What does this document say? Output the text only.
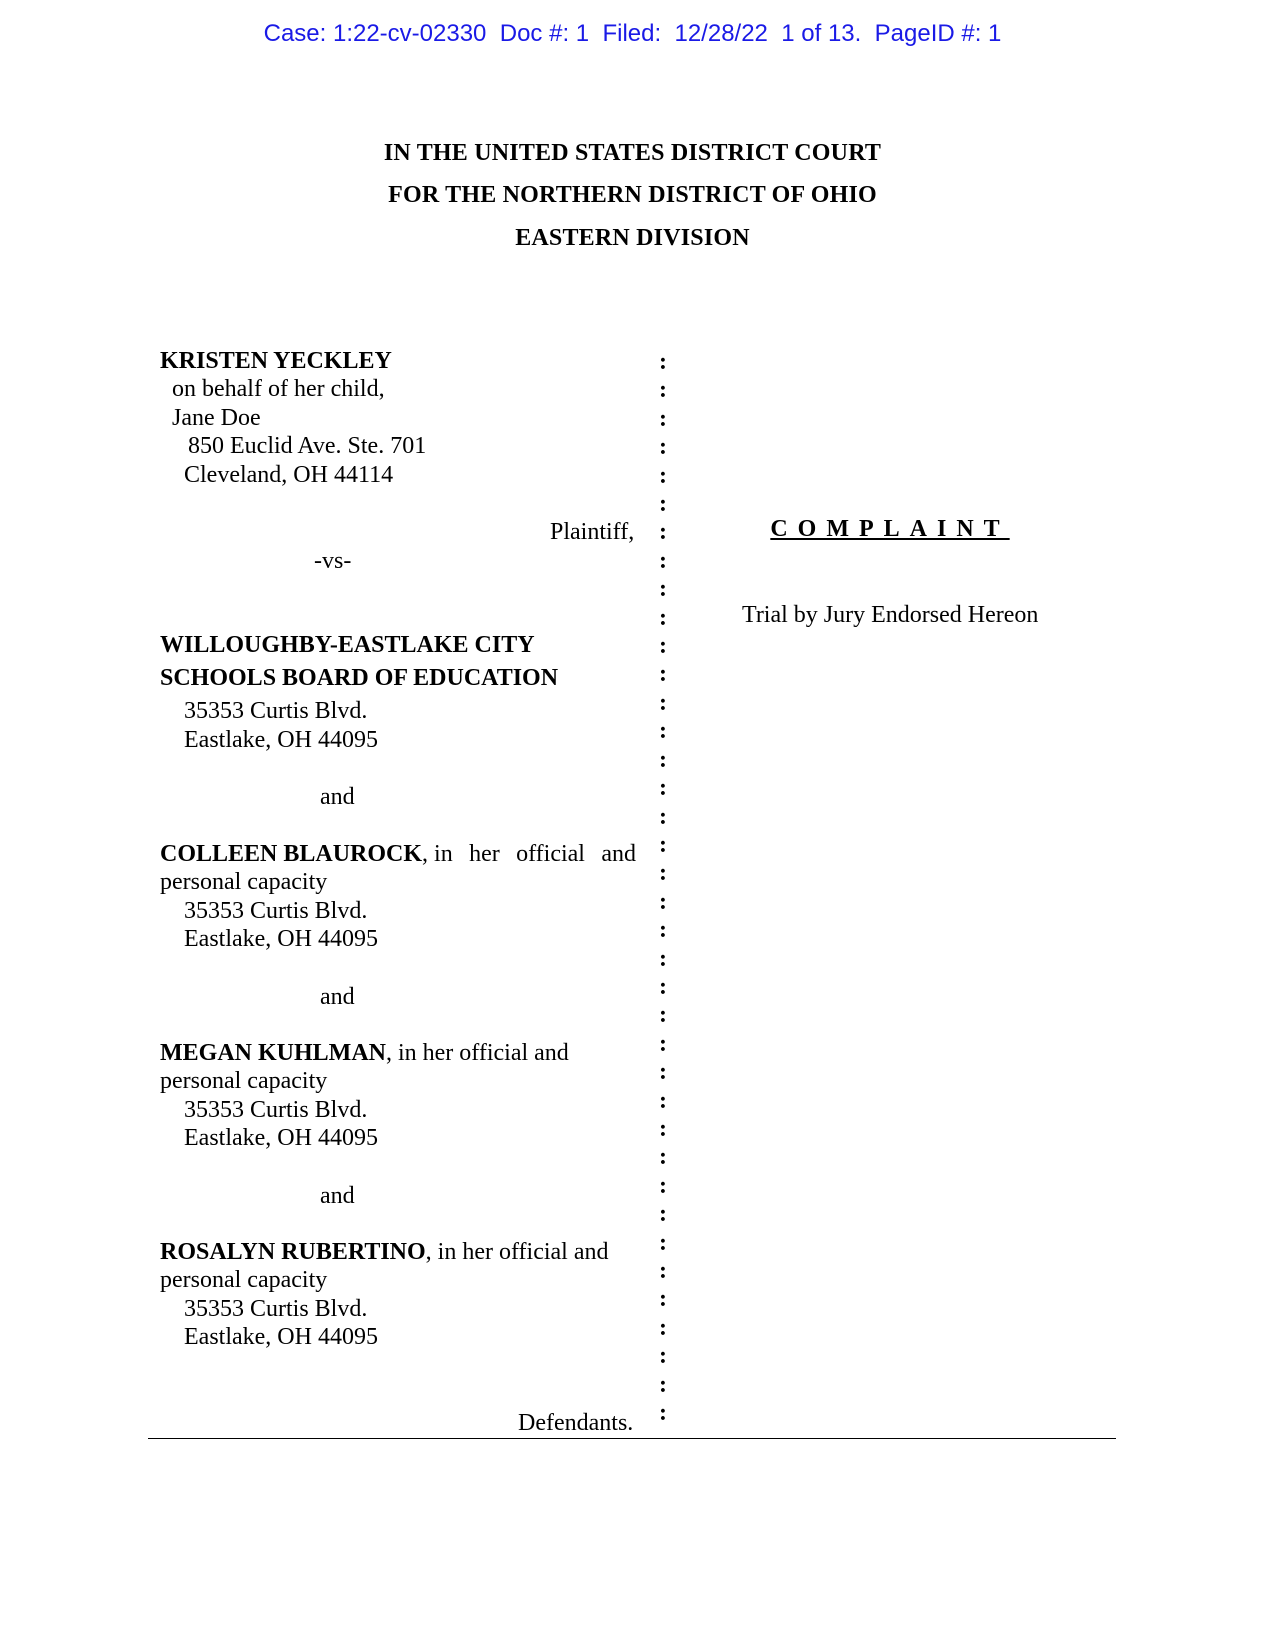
Case: 1:22-cv-02330  Doc #: 1  Filed:  12/28/22  1 of 13.  PageID #: 1
IN THE UNITED STATES DISTRICT COURT
FOR THE NORTHERN DISTRICT OF OHIO
EASTERN DIVISION
KRISTEN YECKLEY
on behalf of her child,
Jane Doe
850 Euclid Ave. Ste. 701
Cleveland, OH 44114
Plaintiff,
-vs-
WILLOUGHBY-EASTLAKE CITY
SCHOOLS BOARD OF EDUCATION
35353 Curtis Blvd.
Eastlake, OH 44095
and
COLLEEN BLAUROCK, in her official and
personal capacity
35353 Curtis Blvd.
Eastlake, OH 44095
and
MEGAN KUHLMAN, in her official and
personal capacity
35353 Curtis Blvd.
Eastlake, OH 44095
and
ROSALYN RUBERTINO, in her official and
personal capacity
35353 Curtis Blvd.
Eastlake, OH 44095
Defendants.
:
:
:
:
:
:
:
:
:
:
:
:
:
:
:
:
:
:
:
:
:
:
:
:
:
:
:
:
:
:
:
:
:
:
:
:
:
:
COMPLAINT
Trial by Jury Endorsed Hereon
